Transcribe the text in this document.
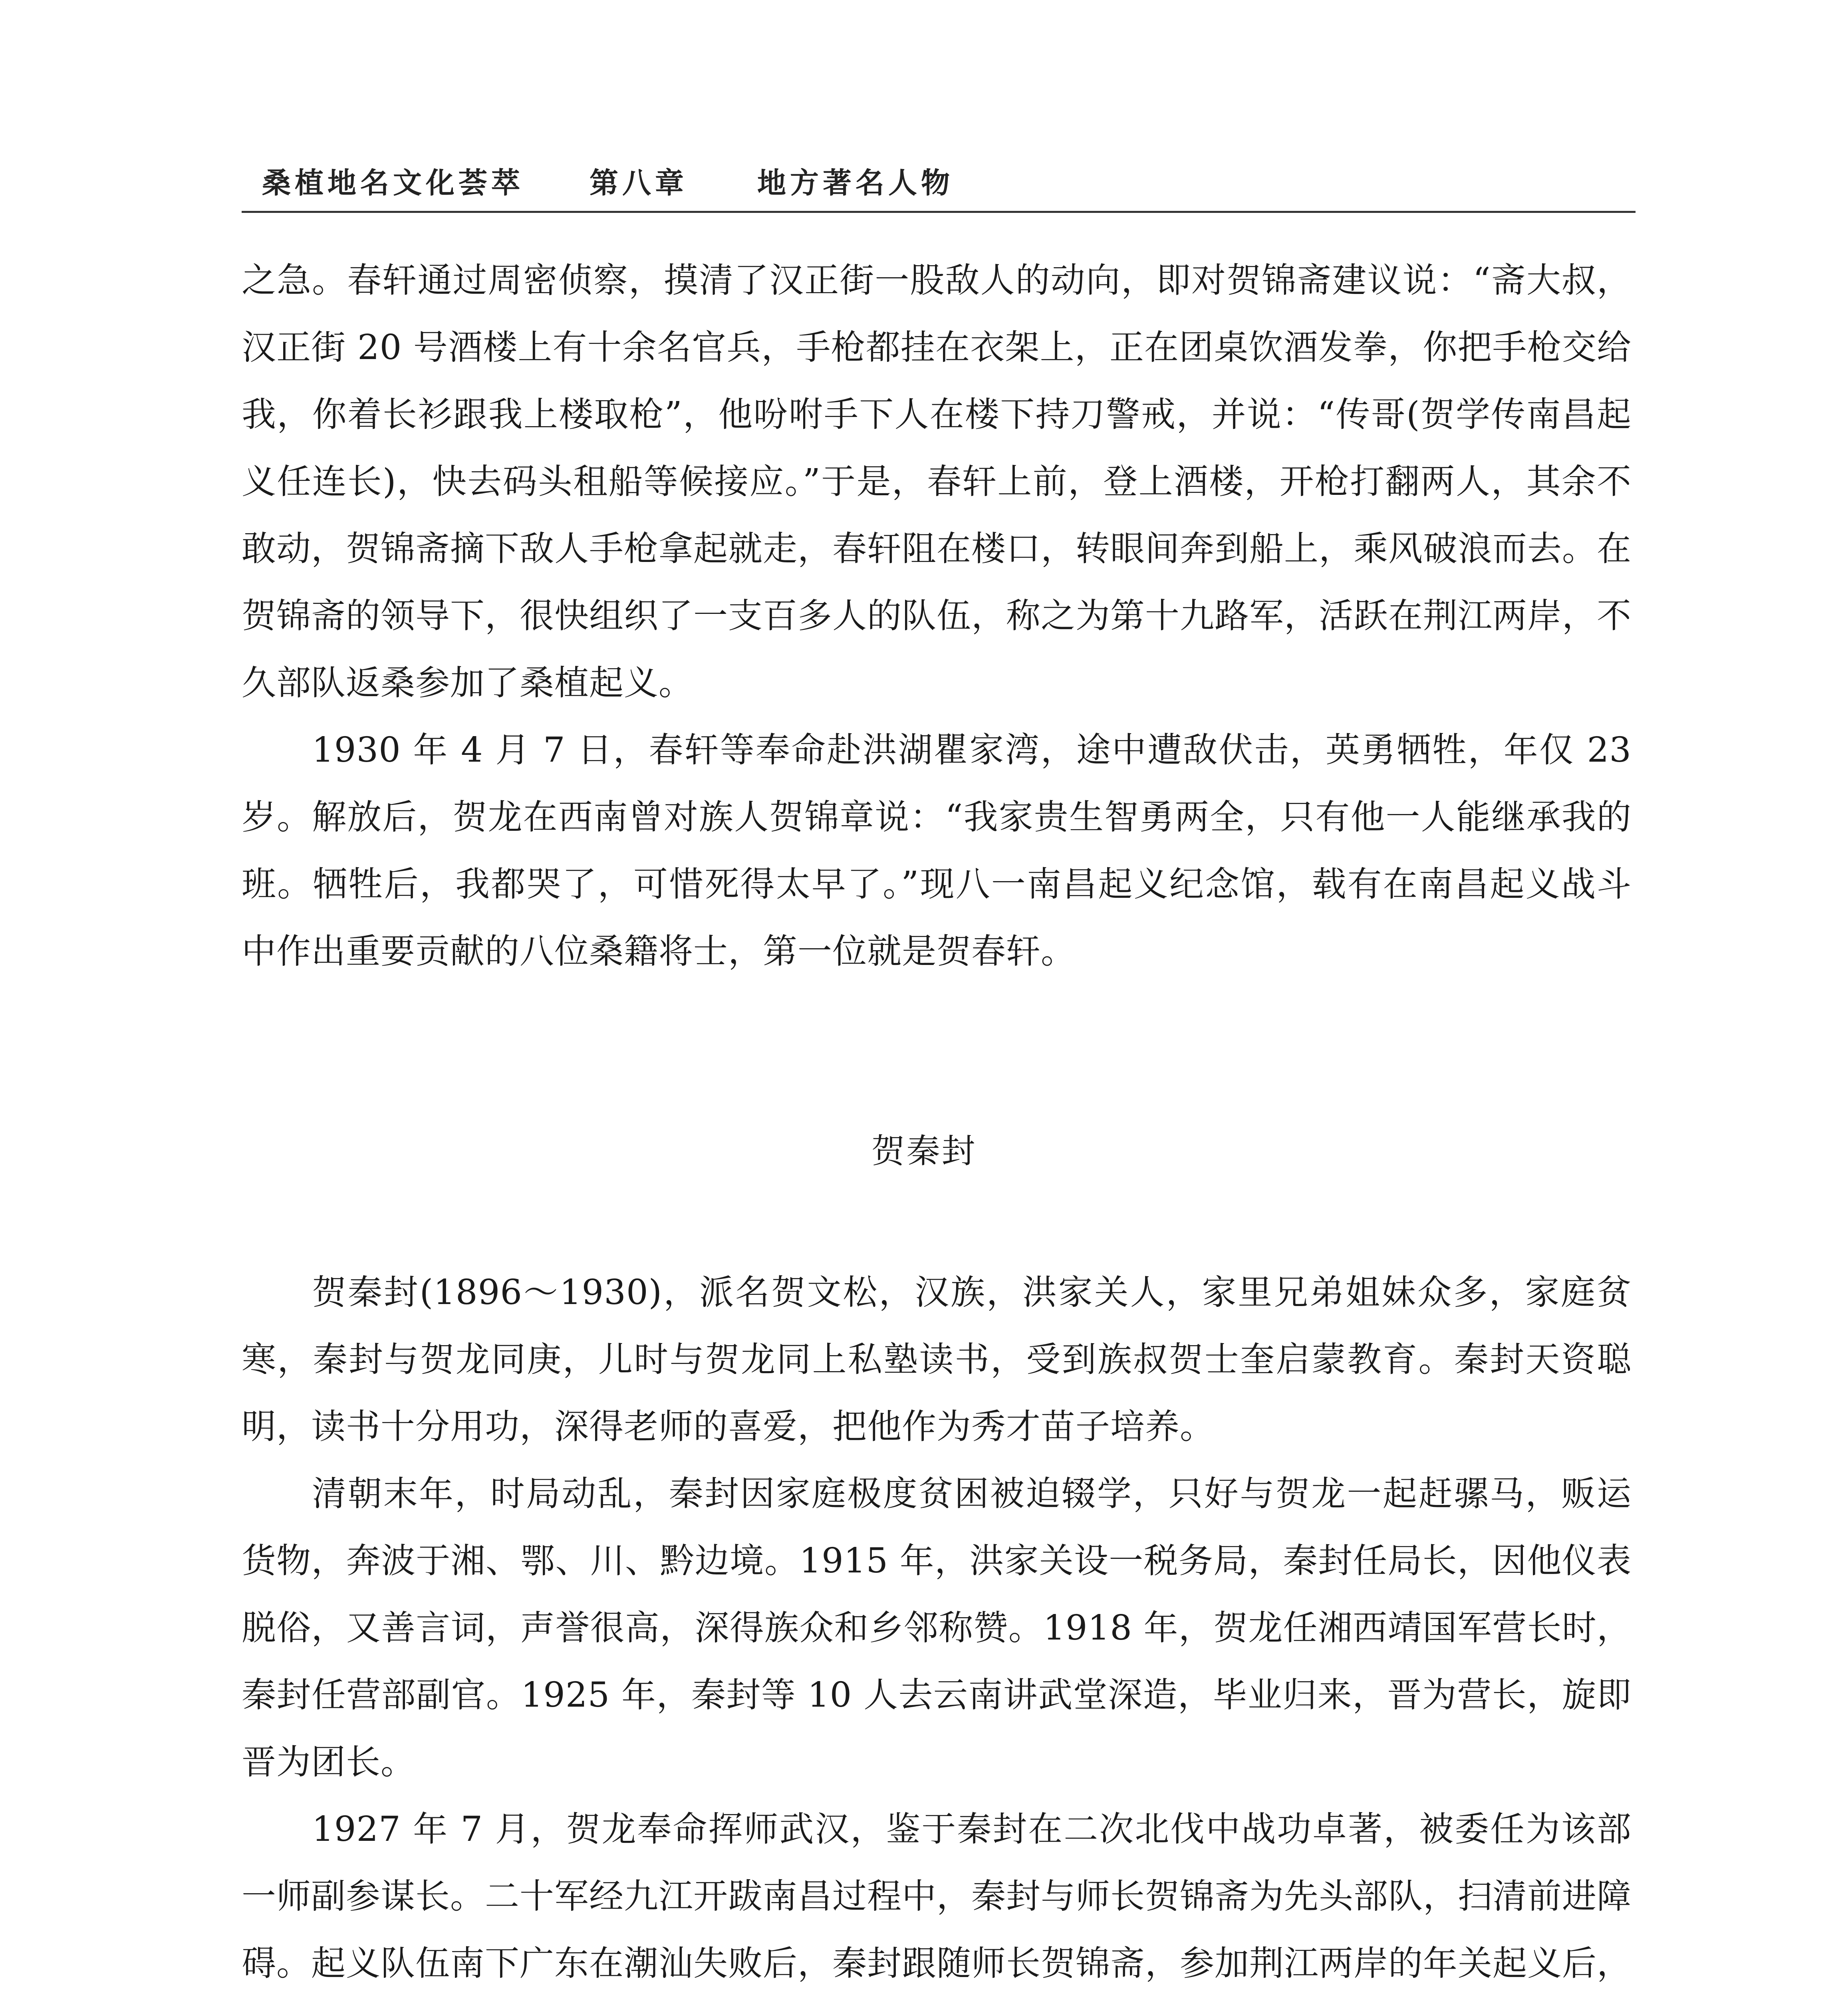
桑植地名文化荟萃 第八章 地方著名人物

之急。春轩通过周密侦察，摸清了汉正街一股敌人的动向，即对贺锦斋建议说：“斋大叔，汉正街 20 号酒楼上有十余名官兵，手枪都挂在衣架上，正在团桌饮酒发拳，你把手枪交给我，你着长衫跟我上楼取枪”，他吩咐手下人在楼下持刀警戒，并说：“传哥(贺学传南昌起义任连长)，快去码头租船等候接应。”于是，春轩上前，登上酒楼，开枪打翻两人，其余不敢动，贺锦斋摘下敌人手枪拿起就走，春轩阻在楼口，转眼间奔到船上，乘风破浪而去。在贺锦斋的领导下，很快组织了一支百多人的队伍，称之为第十九路军，活跃在荆江两岸，不久部队返桑参加了桑植起义。

1930 年 4 月 7 日，春轩等奉命赴洪湖瞿家湾，途中遭敌伏击，英勇牺牲，年仅 23 岁。解放后，贺龙在西南曾对族人贺锦章说：“我家贵生智勇两全，只有他一人能继承我的班。牺牲后，我都哭了，可惜死得太早了。”现八一南昌起义纪念馆，载有在南昌起义战斗中作出重要贡献的八位桑籍将士，第一位就是贺春轩。

贺秦封

贺秦封(1896～1930)，派名贺文松，汉族，洪家关人，家里兄弟姐妹众多，家庭贫寒，秦封与贺龙同庚，儿时与贺龙同上私塾读书，受到族叔贺士奎启蒙教育。秦封天资聪明，读书十分用功，深得老师的喜爱，把他作为秀才苗子培养。

清朝末年，时局动乱，秦封因家庭极度贫困被迫辍学，只好与贺龙一起赶骡马，贩运货物，奔波于湘、鄂、川、黔边境。1915 年，洪家关设一税务局，秦封任局长，因他仪表脱俗，又善言词，声誉很高，深得族众和乡邻称赞。1918 年，贺龙任湘西靖国军营长时，秦封任营部副官。1925 年，秦封等 10 人去云南讲武堂深造，毕业归来，晋为营长，旋即晋为团长。

1927 年 7 月，贺龙奉命挥师武汉，鉴于秦封在二次北伐中战功卓著，被委任为该部一师副参谋长。二十军经九江开跋南昌过程中，秦封与师长贺锦斋为先头部队，扫清前进障碍。起义队伍南下广东在潮汕失败后，秦封跟随师长贺锦斋，参加荆江两岸的年关起义后，
